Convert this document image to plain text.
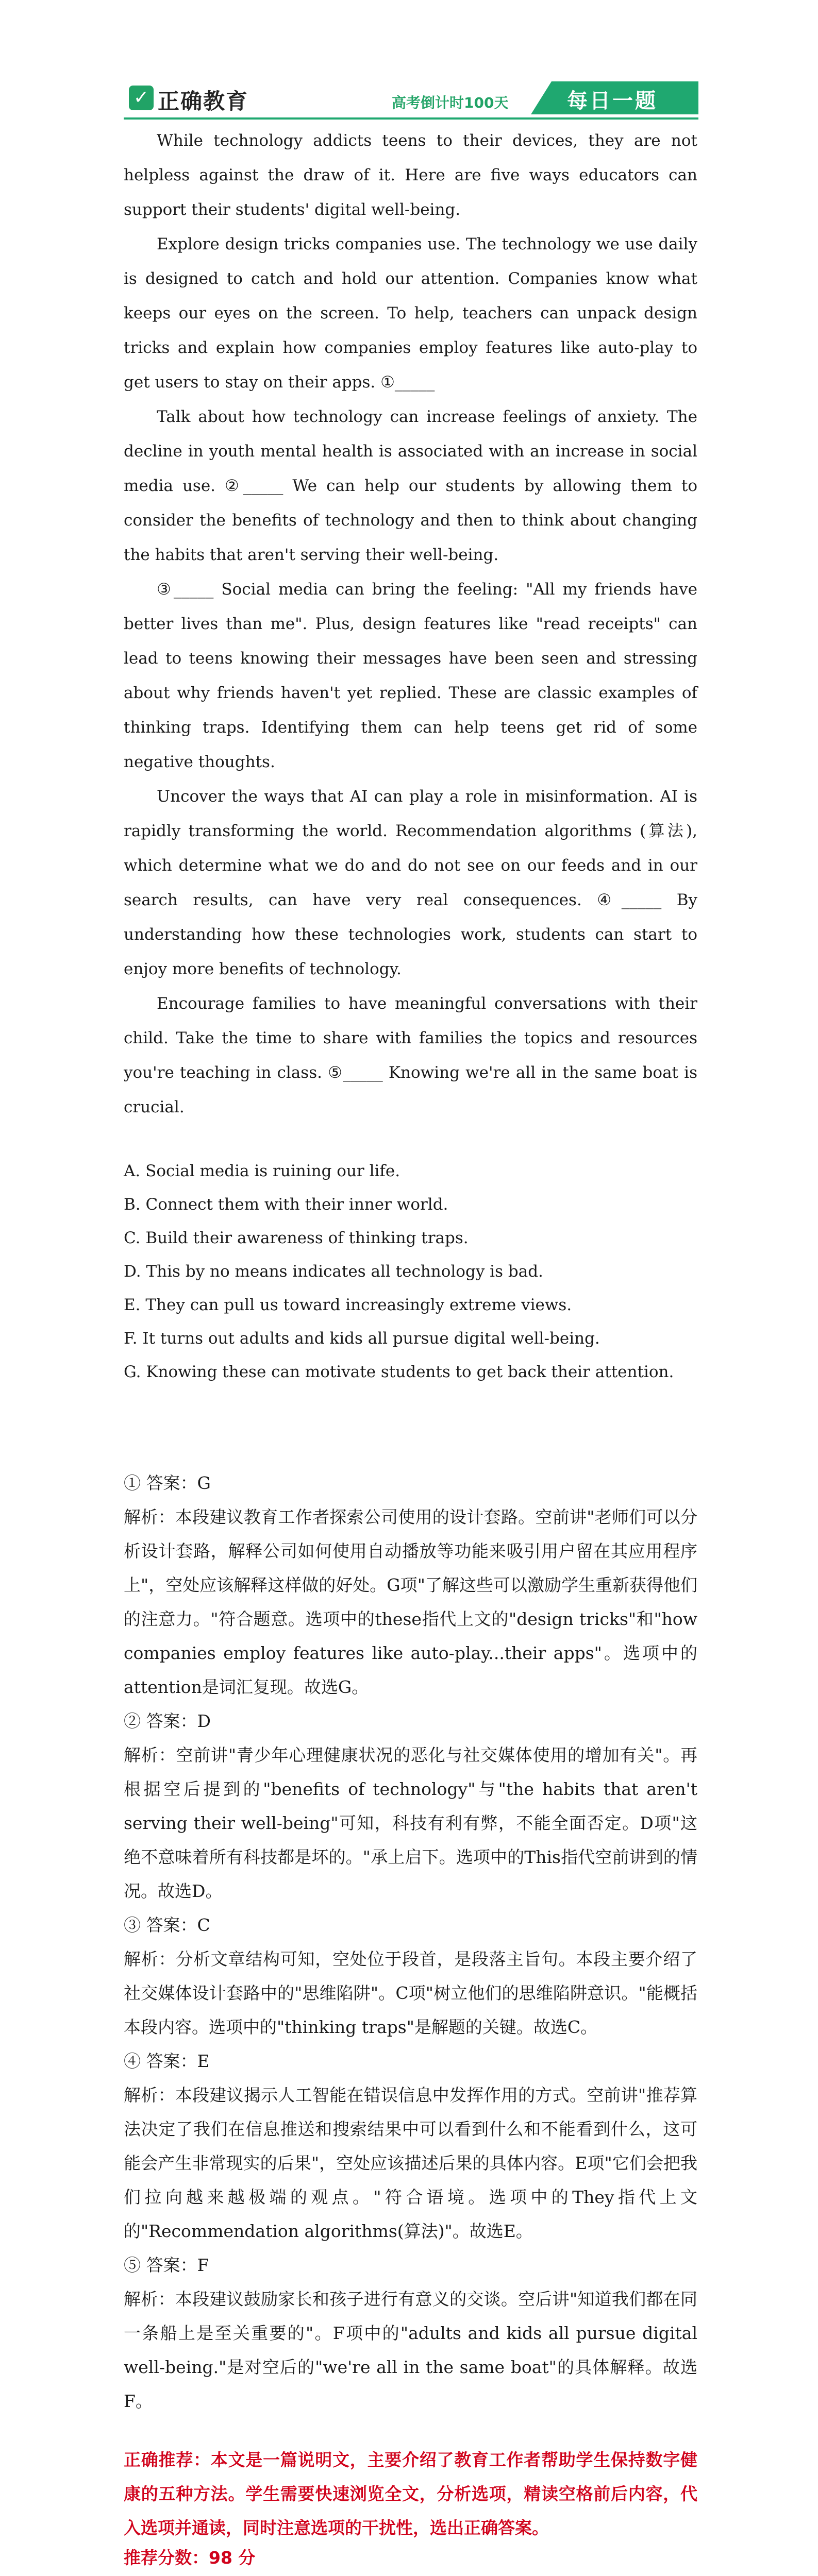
✓ 正确教育	高考倒计时100天	每日一题

While technology addicts teens to their devices, they are not helpless against the draw of it. Here are five ways educators can support their students' digital well-being.

Explore design tricks companies use. The technology we use daily is designed to catch and hold our attention. Companies know what keeps our eyes on the screen. To help, teachers can unpack design tricks and explain how companies employ features like auto-play to get users to stay on their apps. ①_____

Talk about how technology can increase feelings of anxiety. The decline in youth mental health is associated with an increase in social media use. ②_____ We can help our students by allowing them to consider the benefits of technology and then to think about changing the habits that aren't serving their well-being.

③_____ Social media can bring the feeling: "All my friends have better lives than me". Plus, design features like "read receipts" can lead to teens knowing their messages have been seen and stressing about why friends haven't yet replied. These are classic examples of thinking traps. Identifying them can help teens get rid of some negative thoughts.

Uncover the ways that AI can play a role in misinformation. AI is rapidly transforming the world. Recommendation algorithms (算法), which determine what we do and do not see on our feeds and in our search results, can have very real consequences. ④_____ By understanding how these technologies work, students can start to enjoy more benefits of technology.

Encourage families to have meaningful conversations with their child. Take the time to share with families the topics and resources you're teaching in class. ⑤_____ Knowing we're all in the same boat is crucial.

A. Social media is ruining our life.
B. Connect them with their inner world.
C. Build their awareness of thinking traps.
D. This by no means indicates all technology is bad.
E. They can pull us toward increasingly extreme views.
F. It turns out adults and kids all pursue digital well-being.
G. Knowing these can motivate students to get back their attention.
① 答案：G
解析：本段建议教育工作者探索公司使用的设计套路。空前讲"老师们可以分析设计套路，解释公司如何使用自动播放等功能来吸引用户留在其应用程序上"，空处应该解释这样做的好处。G项"了解这些可以激励学生重新获得他们的注意力。"符合题意。选项中的these指代上文的"design tricks"和"how companies employ features like auto-play...their apps"。选项中的attention是词汇复现。故选G。
② 答案：D
解析：空前讲"青少年心理健康状况的恶化与社交媒体使用的增加有关"。再根据空后提到的"benefits of technology"与"the habits that aren't serving their well-being"可知，科技有利有弊，不能全面否定。D项"这绝不意味着所有科技都是坏的。"承上启下。选项中的This指代空前讲到的情况。故选D。
③ 答案：C
解析：分析文章结构可知，空处位于段首，是段落主旨句。本段主要介绍了社交媒体设计套路中的"思维陷阱"。C项"树立他们的思维陷阱意识。"能概括本段内容。选项中的"thinking traps"是解题的关键。故选C。
④ 答案：E
解析：本段建议揭示人工智能在错误信息中发挥作用的方式。空前讲"推荐算法决定了我们在信息推送和搜索结果中可以看到什么和不能看到什么，这可能会产生非常现实的后果"，空处应该描述后果的具体内容。E项"它们会把我们拉向越来越极端的观点。"符合语境。选项中的They指代上文的"Recommendation algorithms(算法)"。故选E。
⑤ 答案：F
解析：本段建议鼓励家长和孩子进行有意义的交谈。空后讲"知道我们都在同一条船上是至关重要的"。F项中的"adults and kids all pursue digital well-being."是对空后的"we're all in the same boat"的具体解释。故选F。
正确推荐：本文是一篇说明文，主要介绍了教育工作者帮助学生保持数字健康的五种方法。学生需要快速浏览全文，分析选项，精读空格前后内容，代入选项并通读，同时注意选项的干扰性，选出正确答案。
推荐分数：98 分
